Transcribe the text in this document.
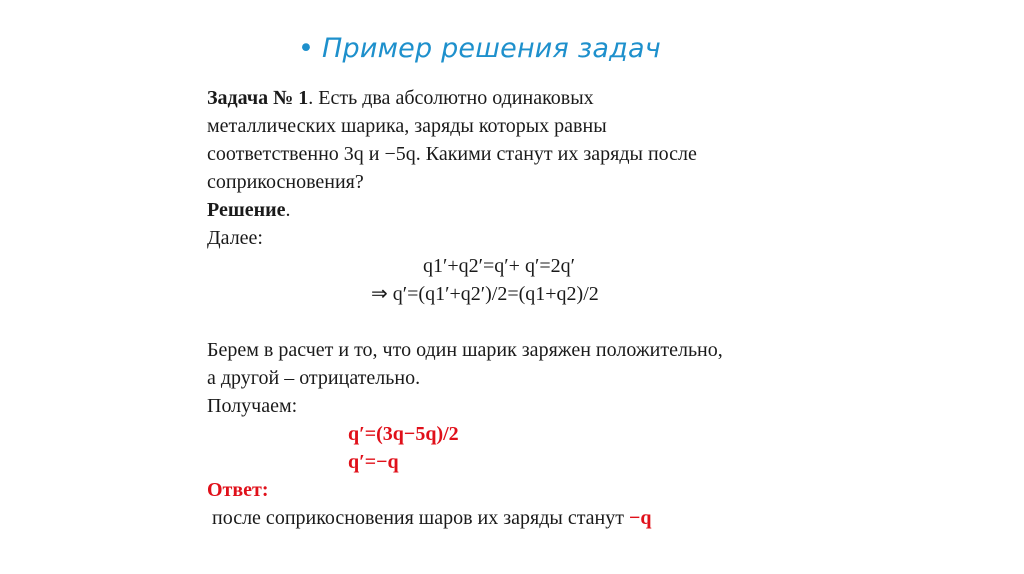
• Пример решения задач
Задача № 1. Есть два абсолютно одинаковых
металлических шарика, заряды которых равны
соответственно 3q и −5q. Какими станут их заряды после
соприкосновения?
Решение.
Далее:
q1′+q2′=q′+ q′=2q′
⇒ q′=(q1′+q2′)/2=(q1+q2)/2
Берем в расчет и то, что один шарик заряжен положительно,
а другой – отрицательно.
Получаем:
q′=(3q−5q)/2
q′=−q
Ответ:
после соприкосновения шаров их заряды станут −q
